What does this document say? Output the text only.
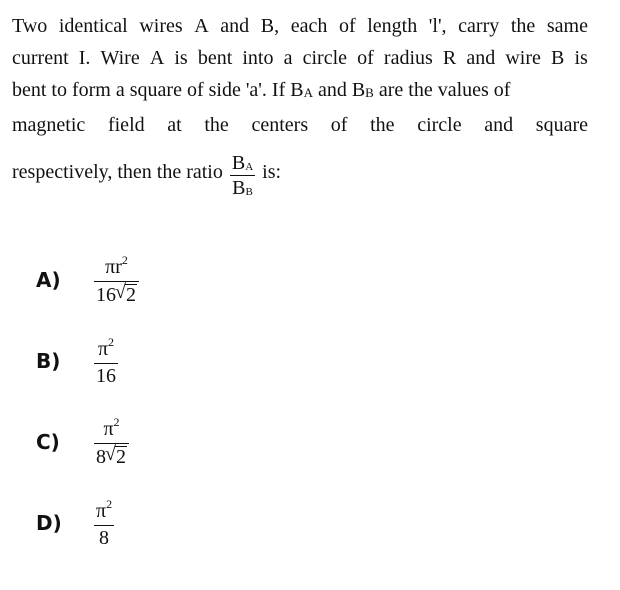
Two identical wires A and B, each of length 'l', carry the same
current I. Wire A is bent into a circle of radius R and wire B is
bent to form a square of side 'a'. If BA and BB are the values of
magnetic field at the centers of the circle and square
respectively, then the ratio $\frac{BA}{BB}$ is:
A)	$\frac{\pi r^2}{16 √ 2}$
B)	$\frac{\pi^2}{16}$
C)	$\frac{\pi^2}{8 √ 2}$
D)	$\frac{\pi^2}{8}$
